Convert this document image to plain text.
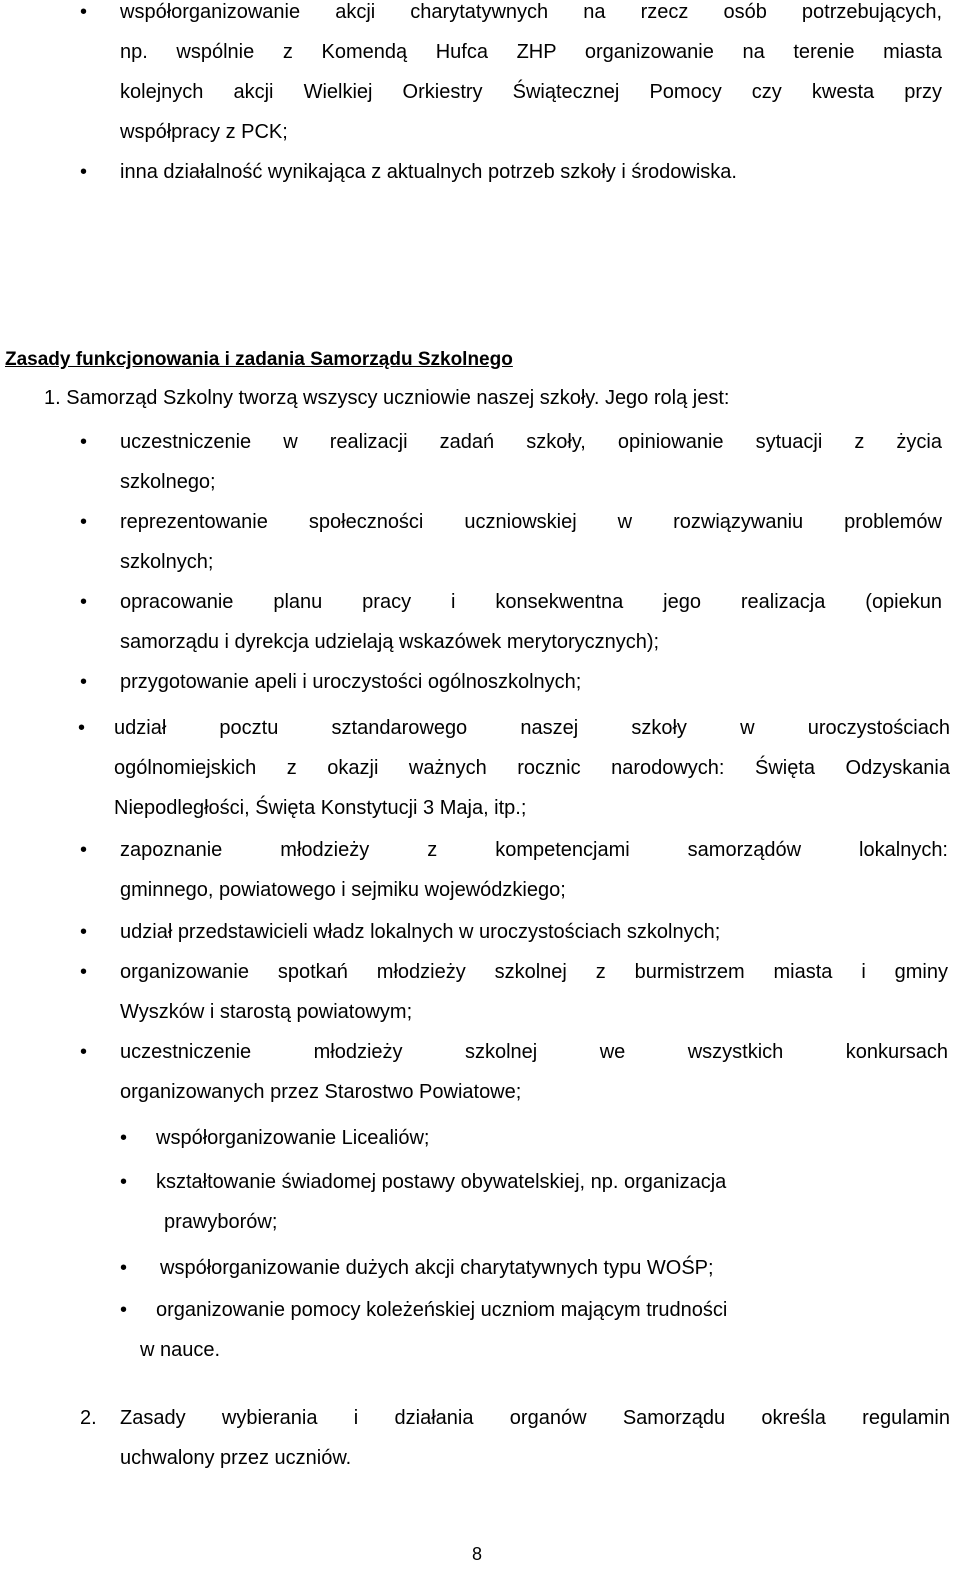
• współorganizowanie akcji charytatywnych na rzecz osób potrzebujących,
np. wspólnie z Komendą Hufca ZHP organizowanie na terenie miasta
kolejnych akcji Wielkiej Orkiestry Świątecznej Pomocy czy kwesta przy
współpracy z PCK;
• inna działalność wynikająca z aktualnych potrzeb szkoły i środowiska.
Zasady funkcjonowania i zadania Samorządu Szkolnego
1. Samorząd Szkolny tworzą wszyscy uczniowie naszej szkoły. Jego rolą jest:
• uczestniczenie w realizacji zadań szkoły, opiniowanie sytuacji z życia
szkolnego;
• reprezentowanie społeczności uczniowskiej w rozwiązywaniu problemów
szkolnych;
• opracowanie planu pracy i konsekwentna jego realizacja (opiekun
samorządu i dyrekcja udzielają wskazówek merytorycznych);
• przygotowanie apeli i uroczystości ogólnoszkolnych;
• udział pocztu sztandarowego naszej szkoły w uroczystościach
ogólnomiejskich z okazji ważnych rocznic narodowych: Święta Odzyskania
Niepodległości, Święta Konstytucji 3 Maja, itp.;
• zapoznanie młodzieży z kompetencjami samorządów lokalnych:
gminnego, powiatowego i sejmiku wojewódzkiego;
• udział przedstawicieli władz lokalnych w uroczystościach szkolnych;
• organizowanie spotkań młodzieży szkolnej z burmistrzem miasta i gminy
Wyszków i starostą powiatowym;
• uczestniczenie młodzieży szkolnej we wszystkich konkursach
organizowanych przez Starostwo Powiatowe;
• współorganizowanie Licealiów;
• kształtowanie świadomej postawy obywatelskiej, np. organizacja
prawyborów;
• współorganizowanie dużych akcji charytatywnych typu WOŚP;
• organizowanie pomocy koleżeńskiej uczniom mającym trudności
w nauce.
2. Zasady wybierania i działania organów Samorządu określa regulamin
uchwalony przez uczniów.
8
